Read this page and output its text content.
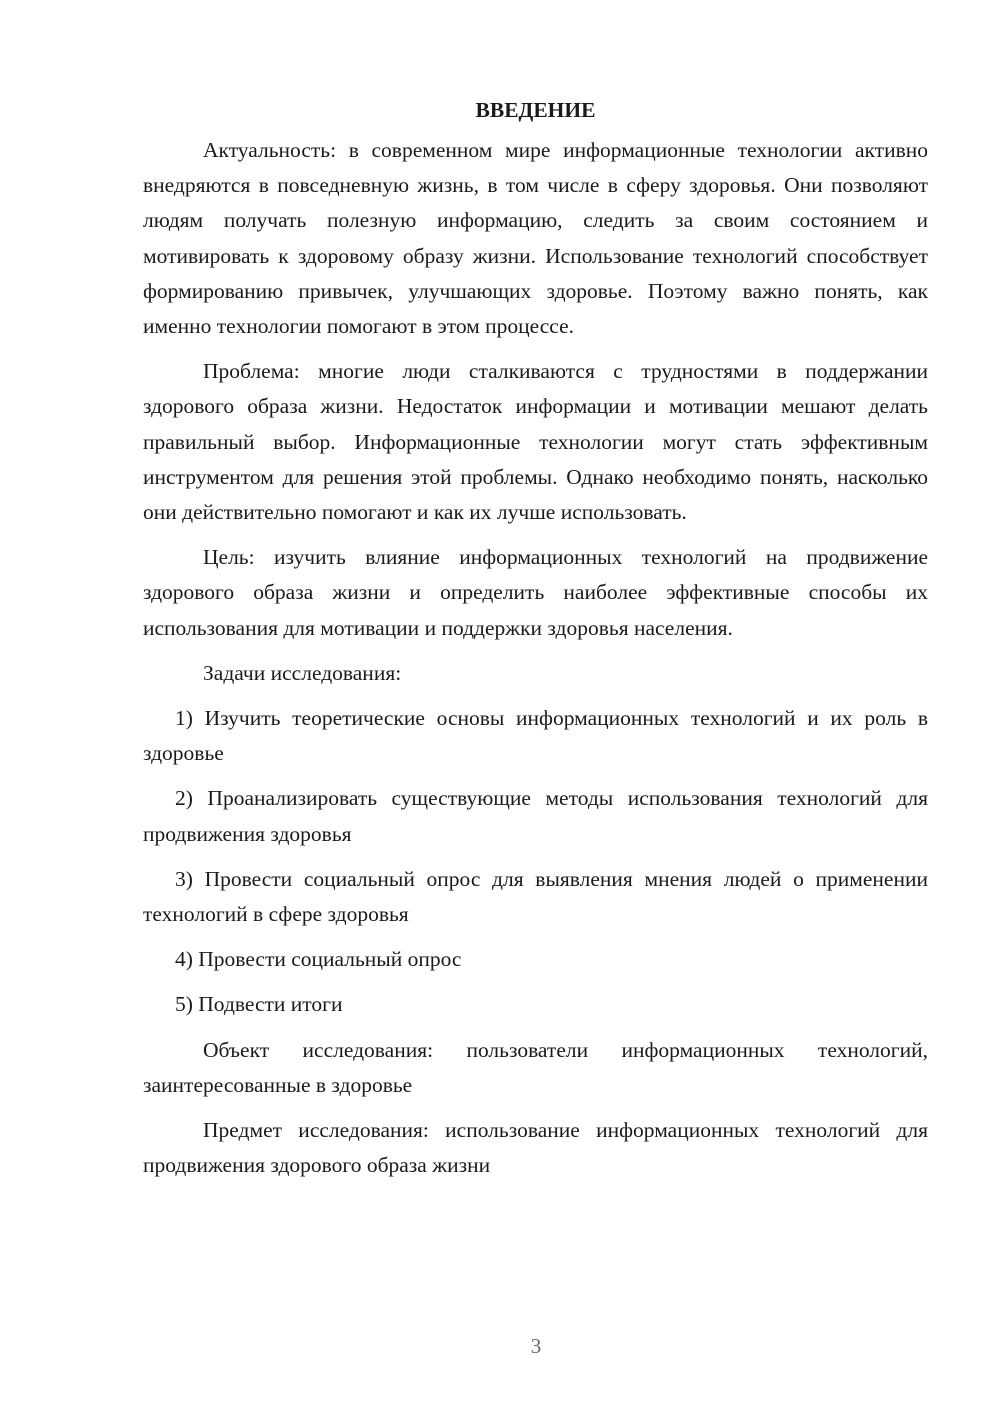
ВВЕДЕНИЕ

Актуальность: в современном мире информационные технологии активно внедряются в повседневную жизнь, в том числе в сферу здоровья. Они позволяют людям получать полезную информацию, следить за своим состоянием и мотивировать к здоровому образу жизни. Использование технологий способствует формированию привычек, улучшающих здоровье. Поэтому важно понять, как именно технологии помогают в этом процессе.

Проблема: многие люди сталкиваются с трудностями в поддержании здорового образа жизни. Недостаток информации и мотивации мешают делать правильный выбор. Информационные технологии могут стать эффективным инструментом для решения этой проблемы. Однако необходимо понять, насколько они действительно помогают и как их лучше использовать.

Цель: изучить влияние информационных технологий на продвижение здорового образа жизни и определить наиболее эффективные способы их использования для мотивации и поддержки здоровья населения.

Задачи исследования:

1) Изучить теоретические основы информационных технологий и их роль в здоровье

2) Проанализировать существующие методы использования технологий для продвижения здоровья

3) Провести социальный опрос для выявления мнения людей о применении технологий в сфере здоровья

4) Провести социальный опрос

5) Подвести итоги

Объект исследования: пользователи информационных технологий, заинтересованные в здоровье

Предмет исследования: использование информационных технологий для продвижения здорового образа жизни

3
